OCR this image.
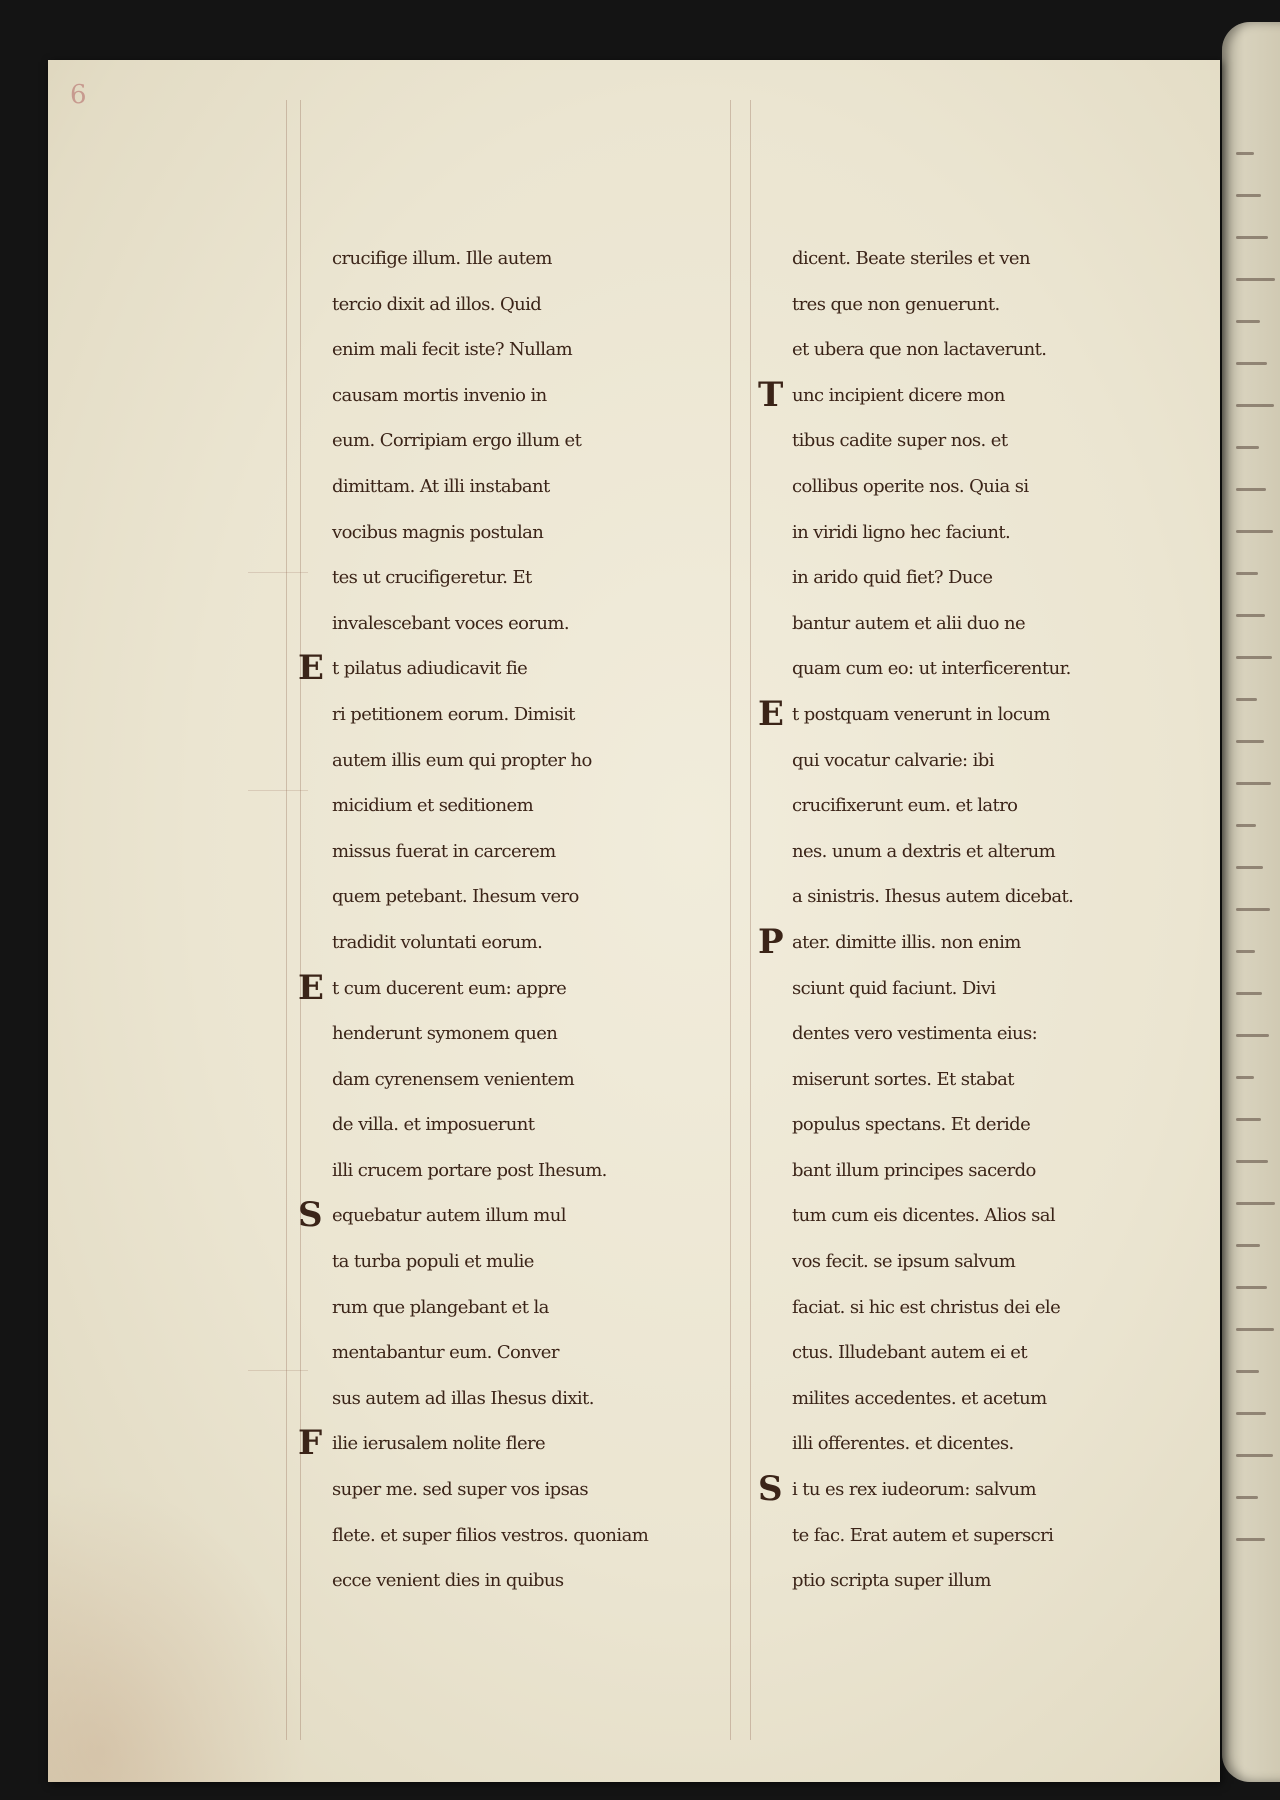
6
crucifige illum. Ille autem
tercio dixit ad illos. Quid
enim mali fecit iste? Nullam
causam mortis invenio in
eum. Corripiam ergo illum et
dimittam. At illi instabant
vocibus magnis postulan
tes ut crucifigeretur. Et
invalescebant voces eorum.
E t pilatus adiudicavit fie
ri petitionem eorum. Dimisit
autem illis eum qui propter ho
micidium et seditionem
missus fuerat in carcerem
quem petebant. Ihesum vero
tradidit voluntati eorum.
E t cum ducerent eum: appre
henderunt symonem quen
dam cyrenensem venientem
de villa. et imposuerunt
illi crucem portare post Ihesum.
S equebatur autem illum mul
ta turba populi et mulie
rum que plangebant et la
mentabantur eum. Conver
sus autem ad illas Ihesus dixit.
F ilie ierusalem nolite flere
super me. sed super vos ipsas
flete. et super filios vestros. quoniam
ecce venient dies in quibus
dicent. Beate steriles et ven
tres que non genuerunt.
et ubera que non lactaverunt.
T unc incipient dicere mon
tibus cadite super nos. et
collibus operite nos. Quia si
in viridi ligno hec faciunt.
in arido quid fiet? Duce
bantur autem et alii duo ne
quam cum eo: ut interficerentur.
E t postquam venerunt in locum
qui vocatur calvarie: ibi
crucifixerunt eum. et latro
nes. unum a dextris et alterum
a sinistris. Ihesus autem dicebat.
P ater. dimitte illis. non enim
sciunt quid faciunt. Divi
dentes vero vestimenta eius:
miserunt sortes. Et stabat
populus spectans. Et deride
bant illum principes sacerdo
tum cum eis dicentes. Alios sal
vos fecit. se ipsum salvum
faciat. si hic est christus dei ele
ctus. Illudebant autem ei et
milites accedentes. et acetum
illi offerentes. et dicentes.
S i tu es rex iudeorum: salvum
te fac. Erat autem et superscri
ptio scripta super illum
